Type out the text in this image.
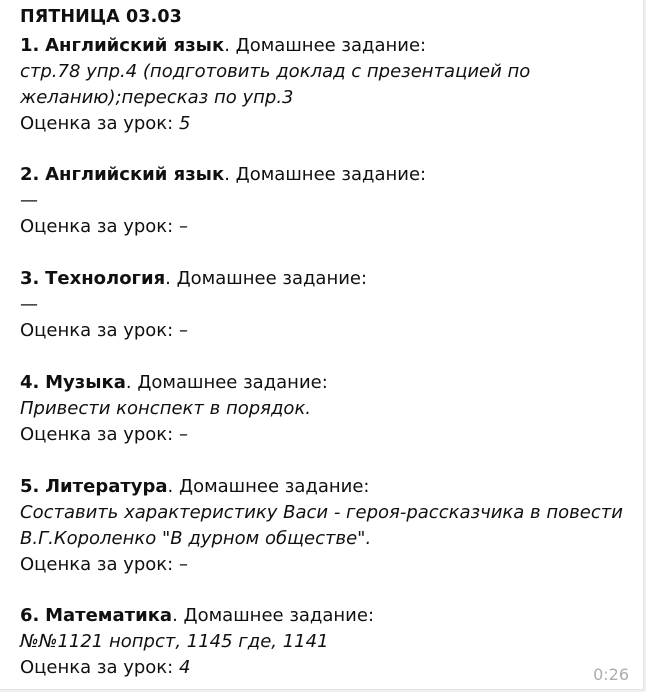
ПЯТНИЦА 03.03
1. Английский язык. Домашнее задание:
стр.78 упр.4 (подготовить доклад с презентацией по
желанию);пересказ по упр.3
Оценка за урок: 5
2. Английский язык. Домашнее задание:
—
Оценка за урок: –
3. Технология. Домашнее задание:
—
Оценка за урок: –
4. Музыка. Домашнее задание:
Привести конспект в порядок.
Оценка за урок: –
5. Литература. Домашнее задание:
Составить характеристику Васи - героя-рассказчика в повести
В.Г.Короленко "В дурном обществе".
Оценка за урок: –
6. Математика. Домашнее задание:
№№1121 нопрст, 1145 где, 1141
Оценка за урок: 4	0:26
